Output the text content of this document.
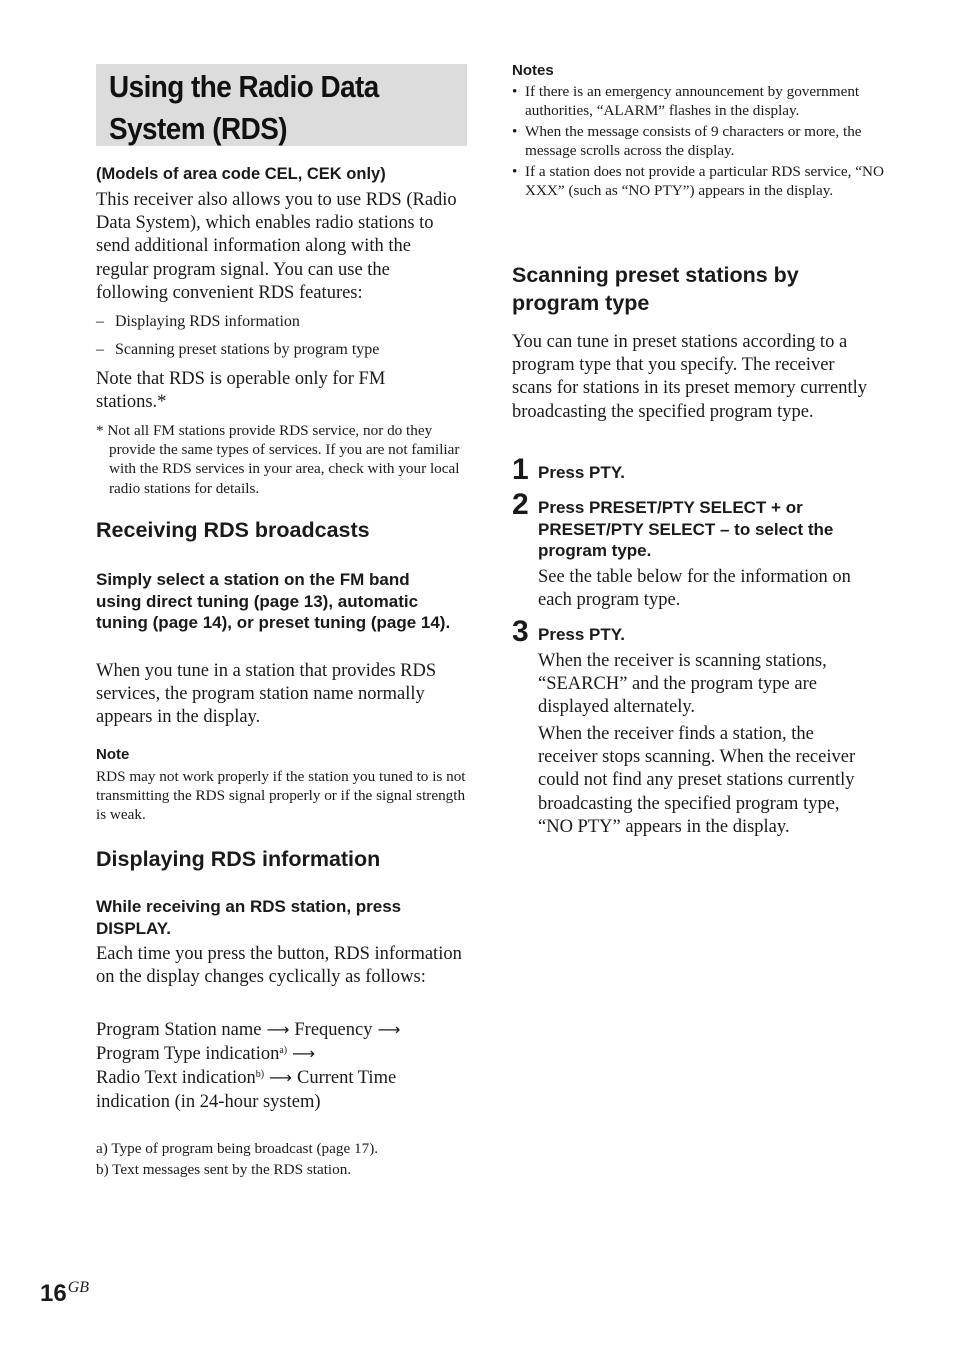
Using the Radio Data System (RDS)

(Models of area code CEL, CEK only)

This receiver also allows you to use RDS (Radio Data System), which enables radio stations to send additional information along with the regular program signal. You can use the following convenient RDS features:

– Displaying RDS information
– Scanning preset stations by program type

Note that RDS is operable only for FM stations.*

* Not all FM stations provide RDS service, nor do they provide the same types of services. If you are not familiar with the RDS services in your area, check with your local radio stations for details.

Receiving RDS broadcasts

Simply select a station on the FM band using direct tuning (page 13), automatic tuning (page 14), or preset tuning (page 14).

When you tune in a station that provides RDS services, the program station name normally appears in the display.

Note

RDS may not work properly if the station you tuned to is not transmitting the RDS signal properly or if the signal strength is weak.

Displaying RDS information

While receiving an RDS station, press DISPLAY.

Each time you press the button, RDS information on the display changes cyclically as follows:

Program Station name ⟶ Frequency ⟶
Program Type indication$^{a)}$ ⟶
Radio Text indication$^{b)}$ ⟶ Current Time indication (in 24-hour system)

a) Type of program being broadcast (page 17).

b) Text messages sent by the RDS station.

Notes

• If there is an emergency announcement by government authorities, “ALARM” flashes in the display.
• When the message consists of 9 characters or more, the message scrolls across the display.
• If a station does not provide a particular RDS service, “NO XXX” (such as “NO PTY”) appears in the display.
Scanning preset stations by program type

You can tune in preset stations according to a program type that you specify. The receiver scans for stations in its preset memory currently broadcasting the specified program type.

1 Press PTY.
2 Press PRESET/PTY SELECT + or PRESET/PTY SELECT – to select the program type.
See the table below for the information on each program type.
3 Press PTY.
When the receiver is scanning stations, “SEARCH” and the program type are displayed alternately.
When the receiver finds a station, the receiver stops scanning. When the receiver could not find any preset stations currently broadcasting the specified program type, “NO PTY” appears in the display.
$16^{GB}$
